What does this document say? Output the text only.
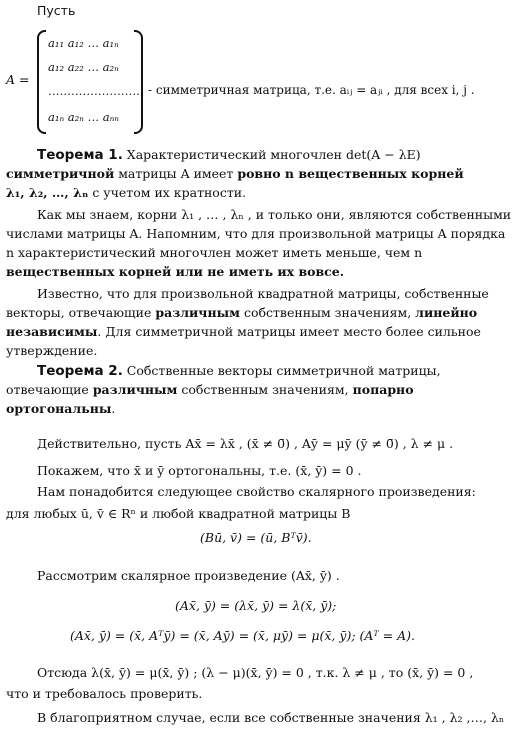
Пусть
A =
a₁₁ a₁₂ … a₁ₙ
a₁₂ a₂₂ … a₂ₙ
……………………
a₁ₙ a₂ₙ … aₙₙ
- симметричная матрица, т.е. aᵢⱼ = aⱼᵢ , для всех i, j .
Теорема 1. Характеристический многочлен det(A − λE)
симметричной матрицы A имеет ровно n вещественных корней
λ₁, λ₂, …, λₙ с учетом их кратности.
Как мы знаем, корни λ₁ , … , λₙ , и только они, являются собственными
числами матрицы A. Напомним, что для произвольной матрицы A порядка
n характеристический многочлен может иметь меньше, чем n
вещественных корней или не иметь их вовсе.
Известно, что для произвольной квадратной матрицы, собственные
векторы, отвечающие различным собственным значениям, линейно
независимы. Для симметричной матрицы имеет место более сильное
утверждение.
Теорема 2. Собственные векторы симметричной матрицы,
отвечающие различным собственным значениям, попарно
ортогональны.
Действительно, пусть Ax̄ = λx̄ , (x̄ ≠ 0̄) , Aȳ = μȳ (ȳ ≠ 0̄) , λ ≠ μ .
Покажем, что x̄ и ȳ ортогональны, т.е. (x̄, ȳ) = 0 .
Нам понадобится следующее свойство скалярного произведения:
для любых ū, v̄ ∈ Rⁿ и любой квадратной матрицы B
(Bū, v̄) = (ū, Bᵀv̄).
Рассмотрим скалярное произведение (Ax̄, ȳ) .
(Ax̄, ȳ) = (λx̄, ȳ) = λ(x̄, ȳ);
(Ax̄, ȳ) = (x̄, Aᵀȳ) = (x̄, Aȳ) = (x̄, μȳ) = μ(x̄, ȳ); (Aᵀ = A).
Отсюда λ(x̄, ȳ) = μ(x̄, ȳ) ; (λ − μ)(x̄, ȳ) = 0 , т.к. λ ≠ μ , то (x̄, ȳ) = 0 ,
что и требовалось проверить.
В благоприятном случае, если все собственные значения λ₁ , λ₂ ,…, λₙ
